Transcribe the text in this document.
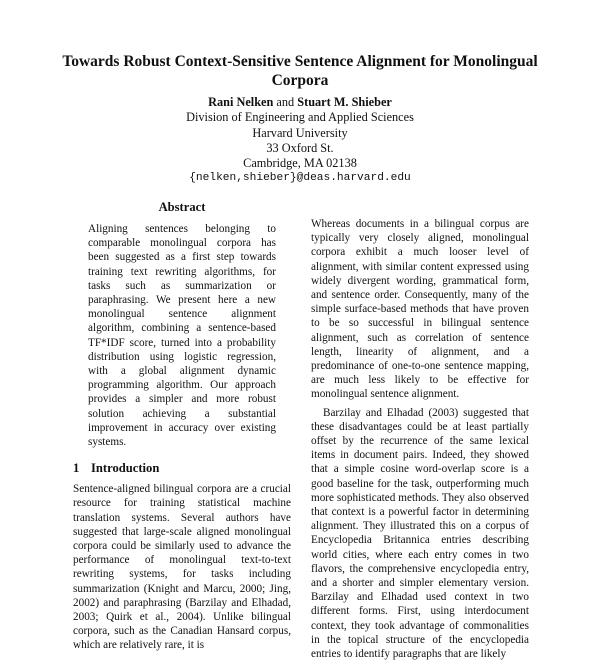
Towards Robust Context-Sensitive Sentence Alignment for Monolingual Corpora
Rani Nelken and Stuart M. Shieber
Division of Engineering and Applied Sciences
Harvard University
33 Oxford St.
Cambridge, MA 02138
{nelken,shieber}@deas.harvard.edu
Abstract
Aligning sentences belonging to comparable monolingual corpora has been suggested as a first step towards training text rewriting algorithms, for tasks such as summarization or paraphrasing. We present here a new monolingual sentence alignment algorithm, combining a sentence-based TF*IDF score, turned into a probability distribution using logistic regression, with a global alignment dynamic programming algorithm. Our approach provides a simpler and more robust solution achieving a substantial improvement in accuracy over existing systems.
1 Introduction
Sentence-aligned bilingual corpora are a crucial resource for training statistical machine translation systems. Several authors have suggested that large-scale aligned monolingual corpora could be similarly used to advance the performance of monolingual text-to-text rewriting systems, for tasks including summarization (Knight and Marcu, 2000; Jing, 2002) and paraphrasing (Barzilay and Elhadad, 2003; Quirk et al., 2004). Unlike bilingual corpora, such as the Canadian Hansard corpus, which are relatively rare, it is
Whereas documents in a bilingual corpus are typically very closely aligned, monolingual corpora exhibit a much looser level of alignment, with similar content expressed using widely divergent wording, grammatical form, and sentence order. Consequently, many of the simple surface-based methods that have proven to be so successful in bilingual sentence alignment, such as correlation of sentence length, linearity of alignment, and a predominance of one-to-one sentence mapping, are much less likely to be effective for monolingual sentence alignment.
Barzilay and Elhadad (2003) suggested that these disadvantages could be at least partially offset by the recurrence of the same lexical items in document pairs. Indeed, they showed that a simple cosine word-overlap score is a good baseline for the task, outperforming much more sophisticated methods. They also observed that context is a powerful factor in determining alignment. They illustrated this on a corpus of Encyclopedia Britannica entries describing world cities, where each entry comes in two flavors, the comprehensive encyclopedia entry, and a shorter and simpler elementary version. Barzilay and Elhadad used context in two different forms. First, using interdocument context, they took advantage of commonalities in the topical structure of the encyclopedia entries to identify paragraphs that are likely
